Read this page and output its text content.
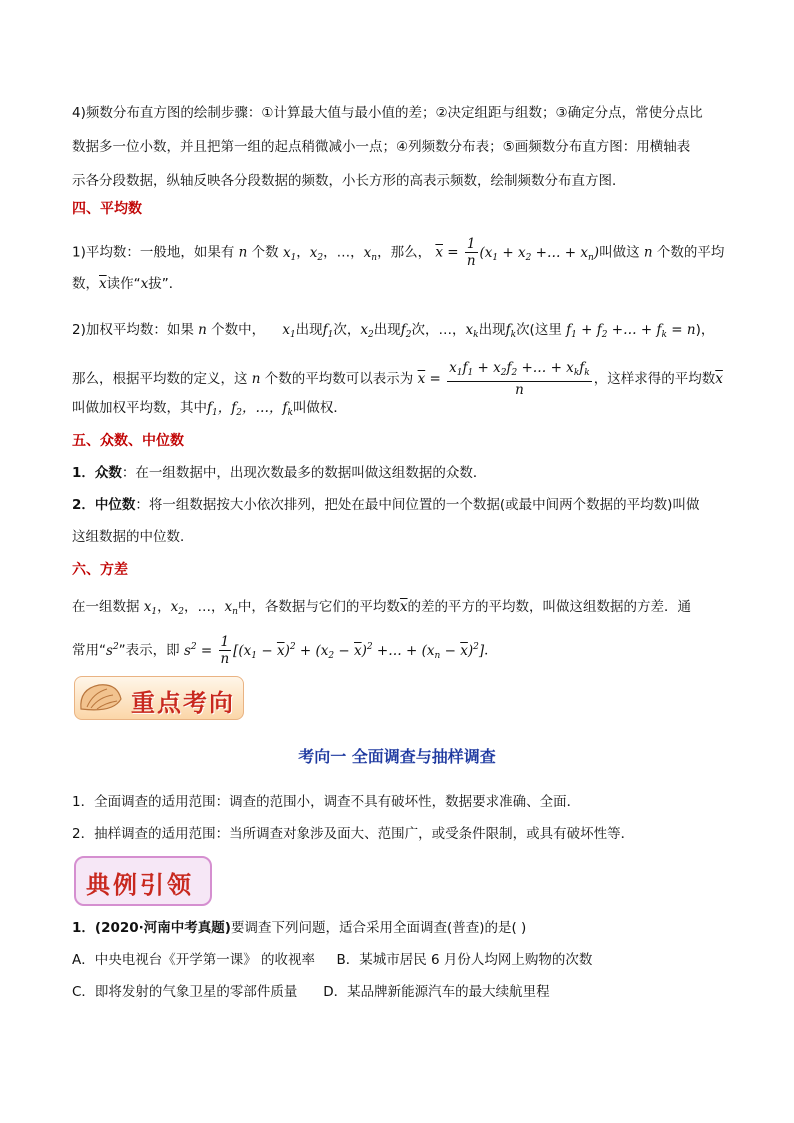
4)频数分布直方图的绘制步骤：①计算最大值与最小值的差；②决定组距与组数；③确定分点，常使分点比
数据多一位小数，并且把第一组的起点稍微减小一点；④列频数分布表；⑤画频数分布直方图：用横轴表
示各分段数据，纵轴反映各分段数据的频数，小长方形的高表示频数，绘制频数分布直方图．
四、平均数
1)平均数：一般地，如果有 n 个数 $x_1$，$x_2$，…，$x_n$，那么， $\overline{x} = \frac{1}{n} (x_1 + x_2$ +… + $x_n$)叫做这 n 个数的平均
数，$\overline{x}$读作“x拔”．
2)加权平均数：如果 n 个数中， $x_1$出现$f_1$次，$x_2$出现$f_2$次，…，$x_k$出现$f_k$次(这里 $f_1 + f_2$ +… + $f_k = n$)，
那么，根据平均数的定义，这 n 个数的平均数可以表示为 $\overline{x} = \frac{x_1f_1 + x_2f_2 +\dots + x_kf_k}{n}$ ，这样求得的平均数$\overline{x}$
叫做加权平均数，其中$f_1$，$f_2$，…，$f_k$叫做权．
五、众数、中位数
1．众数：在一组数据中，出现次数最多的数据叫做这组数据的众数．
2．中位数：将一组数据按大小依次排列，把处在最中间位置的一个数据(或最中间两个数据的平均数)叫做
这组数据的中位数．
六、方差
在一组数据 $x_1$，$x_2$，…，$x_n$中，各数据与它们的平均数$\overline{x}$的差的平方的平均数，叫做这组数据的方差．通
常用“$s^2$”表示，即 $s^2 = \frac{1}{n} [(x_1 - \overline{x})^2 + (x_2 - \overline{x})^2$ +… + $(x_n - \overline{x})^2$]．
重点考向
考向一 全面调查与抽样调查
1．全面调查的适用范围：调查的范围小，调查不具有破坏性，数据要求准确、全面．
2．抽样调查的适用范围：当所调查对象涉及面大、范围广，或受条件限制，或具有破坏性等．
典例引领
1．(2020·河南中考真题)要调查下列问题，适合采用全面调查(普查)的是( )
A．中央电视台《开学第一课》 的收视率 B．某城市居民 6 月份人均网上购物的次数
C．即将发射的气象卫星的零部件质量 D．某品牌新能源汽车的最大续航里程
